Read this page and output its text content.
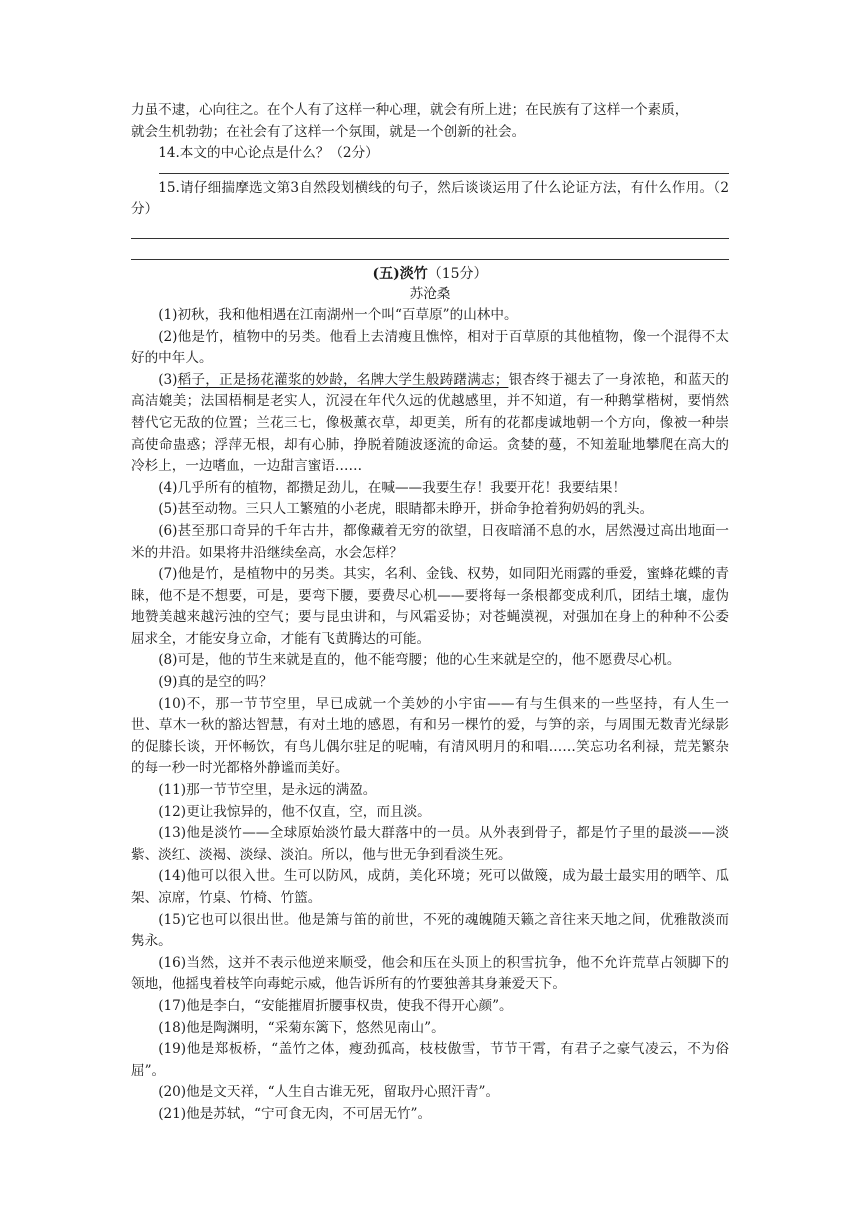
力虽不逮，心向往之。在个人有了这样一种心理，就会有所上进；在民族有了这样一个素质，

就会生机勃勃；在社会有了这样一个氛围，就是一个创新的社会。

14.本文的中心论点是什么？（2分）

15.请仔细揣摩选文第3自然段划横线的句子，然后谈谈运用了什么论证方法，有什么作用。（2分）

(五)淡竹（15分）

苏沧桑

(1)初秋，我和他相遇在江南湖州一个叫“百草原”的山林中。

(2)他是竹，植物中的另类。他看上去清瘦且憔悴，相对于百草原的其他植物，像一个混得不太好的中年人。

(3)稻子，正是扬花灌浆的妙龄，名牌大学生般踌躇满志；银杏终于褪去了一身浓艳，和蓝天的高洁媲美；法国梧桐是老实人，沉浸在年代久远的优越感里，并不知道，有一种鹅掌楷树，要悄然替代它无敌的位置；兰花三七，像极薰衣草，却更美，所有的花都虔诚地朝一个方向，像被一种崇高使命蛊惑；浮萍无根，却有心肺，挣脱着随波逐流的命运。贪婪的蔓，不知羞耻地攀爬在高大的冷杉上，一边嗜血，一边甜言蜜语……

(4)几乎所有的植物，都攒足劲儿，在喊——我要生存！我要开花！我要结果！

(5)甚至动物。三只人工繁殖的小老虎，眼睛都未睁开，拼命争抢着狗奶妈的乳头。

(6)甚至那口奇异的千年古井，都像藏着无穷的欲望，日夜暗涌不息的水，居然漫过高出地面一米的井沿。如果将井沿继续垒高，水会怎样？

(7)他是竹，是植物中的另类。其实，名利、金钱、权势，如同阳光雨露的垂爱，蜜蜂花蝶的青睐，他不是不想要，可是，要弯下腰，要费尽心机——要将每一条根都变成利爪，团结土壤，虚伪地赞美越来越污浊的空气；要与昆虫讲和，与风霜妥协；对苍蝇漠视，对强加在身上的种种不公委屈求全，才能安身立命，才能有飞黄腾达的可能。

(8)可是，他的节生来就是直的，他不能弯腰；他的心生来就是空的，他不愿费尽心机。

(9)真的是空的吗？

(10)不，那一节节空里，早已成就一个美妙的小宇宙——有与生俱来的一些坚持，有人生一世、草木一秋的豁达智慧，有对土地的感恩，有和另一棵竹的爱，与笋的亲，与周围无数青光绿影的促膝长谈，开怀畅饮，有鸟儿偶尔驻足的呢喃，有清风明月的和唱……笑忘功名利禄，荒芜繁杂的每一秒一时光都格外静谧而美好。

(11)那一节节空里，是永远的满盈。

(12)更让我惊异的，他不仅直，空，而且淡。

(13)他是淡竹——全球原始淡竹最大群落中的一员。从外表到骨子，都是竹子里的最淡——淡紫、淡红、淡褐、淡绿、淡泊。所以，他与世无争到看淡生死。

(14)他可以很入世。生可以防风，成荫，美化环境；死可以做篾，成为最士最实用的晒竿、瓜架、凉席，竹桌、竹椅、竹篮。

(15)它也可以很出世。他是箫与笛的前世，不死的魂魄随天籁之音往来天地之间，优雅散淡而隽永。

(16)当然，这并不表示他逆来顺受，他会和压在头顶上的积雪抗争，他不允许荒草占领脚下的领地，他摇曳着枝竿向毒蛇示威，他告诉所有的竹要独善其身兼爱天下。

(17)他是李白，“安能摧眉折腰事权贵，使我不得开心颜”。

(18)他是陶渊明，“采菊东篱下，悠然见南山”。

(19)他是郑板桥，“盖竹之体，瘦劲孤高，枝枝傲雪，节节干霄，有君子之豪气凌云，不为俗屈”。

(20)他是文天祥，“人生自古谁无死，留取丹心照汗青”。

(21)他是苏轼，“宁可食无肉，不可居无竹”。
